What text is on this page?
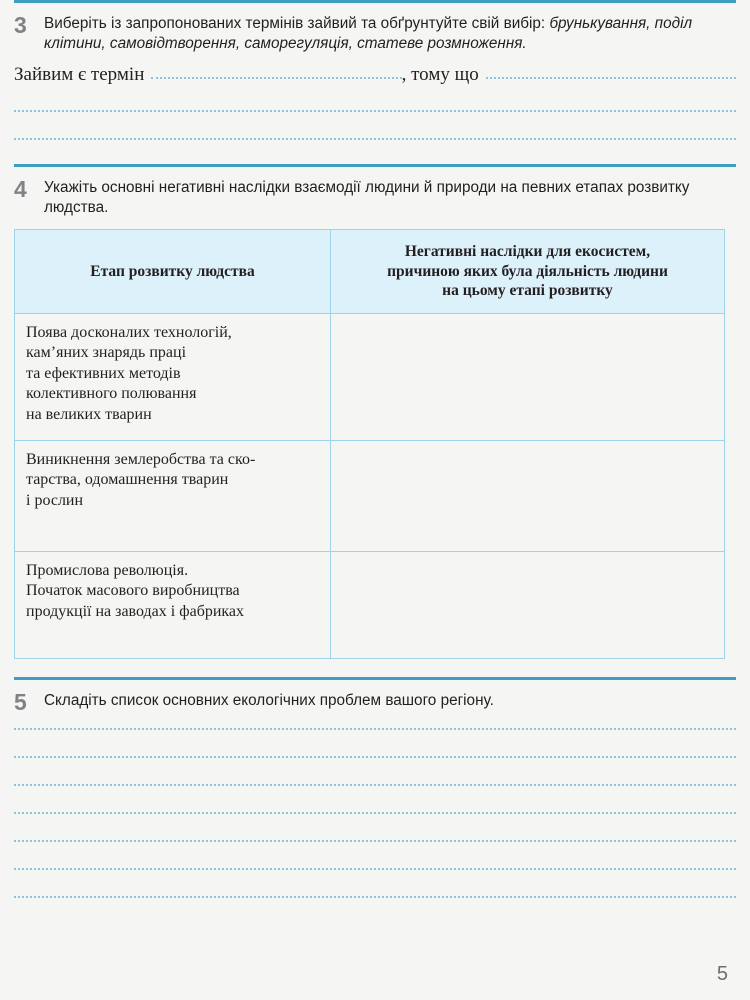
3	Виберіть із запропонованих термінів зайвий та обґрунтуйте свій вибір: брунькування, поділ клітини, самовідтворення, саморегуляція, статеве розмноження.
Зайвим є термін	, тому що
4	Укажіть основні негативні наслідки взаємодії людини й природи на певних етапах розвитку людства.
Етап розвитку людства	Негативні наслідки для екосистем,
причиною яких була діяльність людини
на цьому етапі розвитку

Поява досконалих технологій,
кам’яних знарядь праці
та ефективних методів
колективного полювання
на великих тварин	

Виникнення землеробства та ско-
тарства, одомашнення тварин
і рослин	

Промислова революція.
Початок масового виробництва
продукції на заводах і фабриках	

5	Складіть список основних екологічних проблем вашого регіону.
5
